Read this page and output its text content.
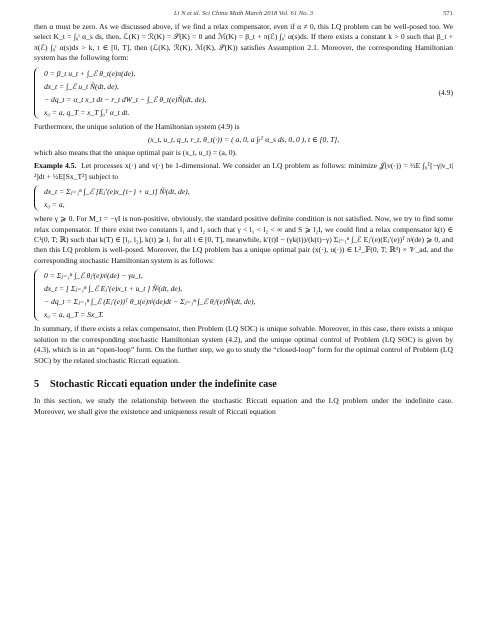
Li N et al. Sci China Math March 2018 Vol. 61 No. 3	571

then α must be zero. As we discussed above, if we find a relax compensator, even if α ≠ 0, this LQ problem can be well-posed too. We select K_t = ∫₀ᵗ α_s ds, then, ℒ(K) = ℛ(K) = 𝒮(K) = 0 and ℳ(K) = β_t + π(ℰ) ∫₀ᵗ α(s)ds. If there exists a constant k > 0 such that β_t + π(ℰ) ∫₀ᵗ α(s)ds > k, t ∈ [0, T], then (ℒ(K), ℛ(K), ℳ(K), 𝒮(K)) satisfies Assumption 2.1. Moreover, the corresponding Hamiltonian system has the following form:

0 = β_t u_t + ∫_ℰ θ_t(e)π(de),
dx_t = ∫_ℰ u_t Ñ(dt, de),
− dq_t = α_t x_t dt − r_t dW_t − ∫_ℰ θ_t(e)Ñ(dt, de),
x₀ = a, q_T = x_T ∫₀ᵀ α_t dt.
(4.9)

Furthermore, the unique solution of the Hamiltonian system (4.9) is

(x_t, u_t, q_t, r_t, θ_t(·)) = ( a, 0, a ∫ₜᵀ α_s ds, 0, 0 ), t ∈ [0, T],

which also means that the unique optimal pair is (x_t, u_t) = (a, 0).

Example 4.5. Let processes x(·) and v(·) be 1-dimensional. We consider an LQ problem as follows: minimize 𝒥(v(·)) = ½E ∫₀ᵀ[−γ|v_t|²]dt + ½E[Sx_T²] subject to

dx_t = Σⱼ₌₁ⁿ ∫_ℰ [Eⱼ′(e)x_{t−} + u_t] Ñʲ(dt, de),
x₀ = a,

where γ ⩾ 0. For M_t = −γI is non-positive, obviously, the standard positive definite condition is not satisfied. Now, we try to find some relax compensator. If there exist two constants l₁ and l₂ such that γ < l₁ < l₂ < ∞ and S ⩾ l₂I, we could find a relax compensator k(t) ∈ C¹(0, T; ℝ) such that k(T) ∈ [l₁, l₂], k(t) ⩾ l₁ for all t ∈ [0, T], meanwhile, k′(t)I − (γk(t))/(k(t)−γ) Σⱼ₌₁ⁿ ∫_ℰ Eⱼ′(e)(Eⱼ′(e))ᵀ πʲ(de) ⩾ 0, and then this LQ problem is well-posed. Moreover, the LQ problem has a unique optimal pair (x(·), u(·)) ∈ L²_𝔽(0, T; ℝᵈ) × 𝒱_ad, and the corresponding stochastic Hamiltonian system is as follows:

0 = Σⱼ₌₁ⁿ ∫_ℰ θⱼᵗ(e)πʲ(de) − γu_t,
dx_t = [ Σⱼ₌₁ⁿ ∫_ℰ Eⱼ′(e)x_t + u_t ] Ñʲ(dt, de),
− dq_t = Σⱼ₌₁ⁿ ∫_ℰ (Eⱼ′(e))ᵀ θ_t(e)πʲ(de)dt − Σⱼ₌₁ⁿ ∫_ℰ θⱼᵗ(e)Ñʲ(dt, de),
x₀ = a, q_T = Sx_T.

In summary, if there exists a relax compensator, then Problem (LQ SOC) is unique solvable. Moreover, in this case, there exists a unique solution to the corresponding stochastic Hamiltonian system (4.2), and the unique optimal control of Problem (LQ SOC) is given by (4.3), which is in an “open-loop” form. On the further step, we go to study the “closed-loop” form for the optimal control of Problem (LQ SOC) by the related stochastic Riccati equation.

5 Stochastic Riccati equation under the indefinite case

In this section, we study the relationship between the stochastic Riccati equation and the LQ problem under the indefinite case. Moreover, we shall give the existence and uniqueness result of Riccati equation
